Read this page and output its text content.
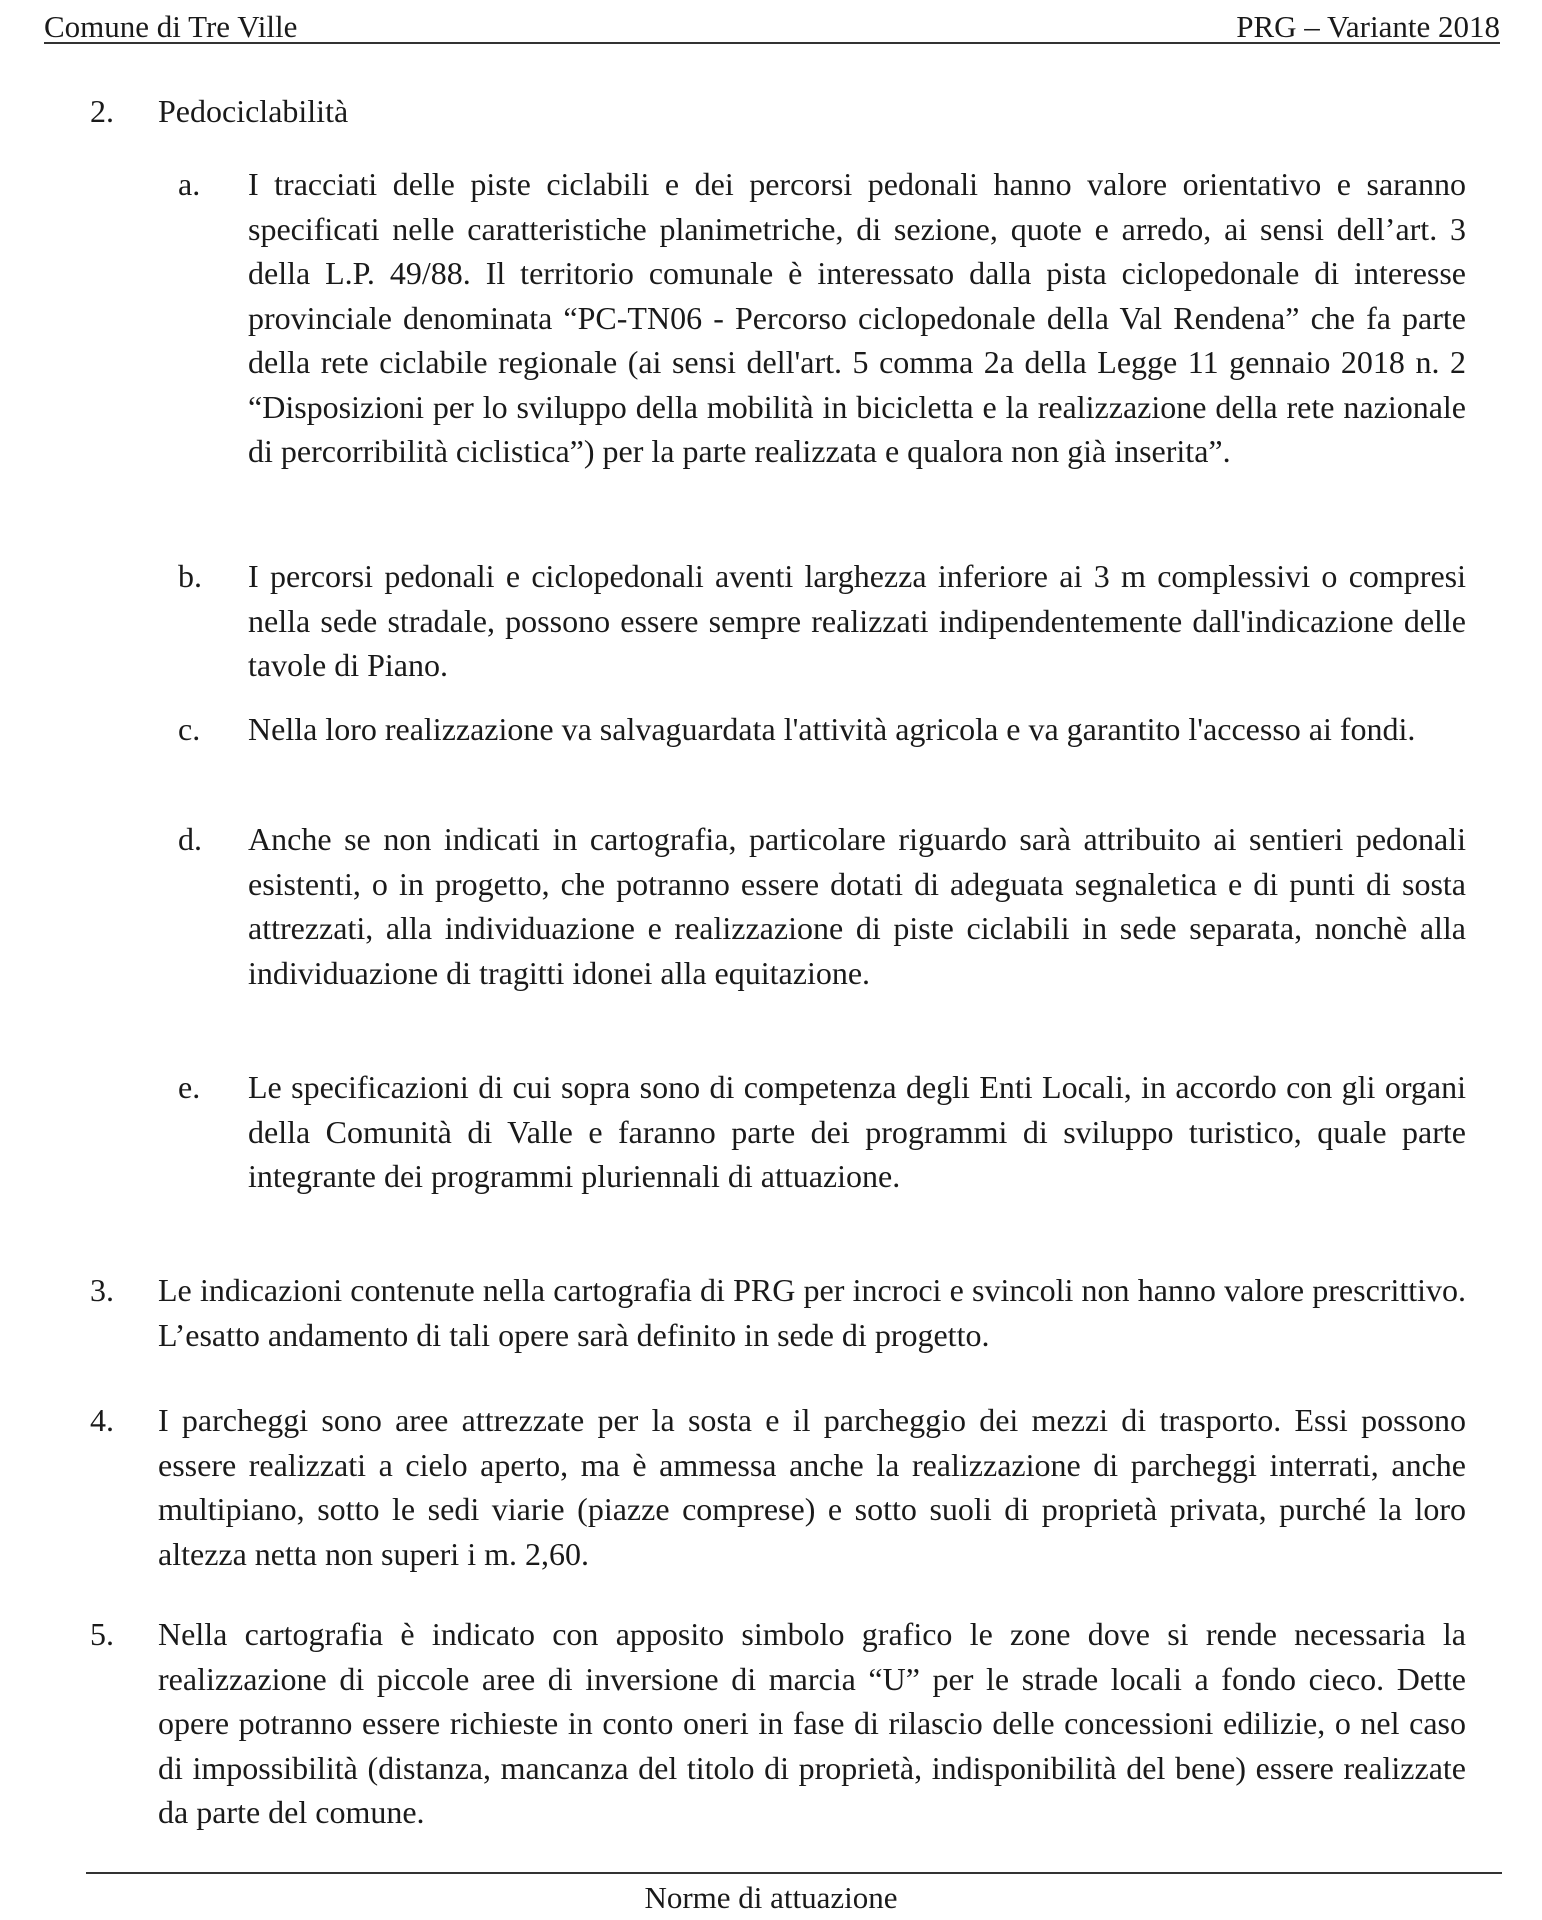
Comune di Tre Ville	PRG – Variante 2018
2. Pedociclabilità
a. I tracciati delle piste ciclabili e dei percorsi pedonali hanno valore orientativo e saranno specificati nelle caratteristiche planimetriche, di sezione, quote e arredo, ai sensi dell’art. 3 della L.P. 49/88. Il territorio comunale è interessato dalla pista ciclopedonale di interesse provinciale denominata “PC-TN06 - Percorso ciclopedonale della Val Rendena” che fa parte della rete ciclabile regionale (ai sensi dell'art. 5 comma 2a della Legge 11 gennaio 2018 n. 2 “Disposizioni per lo sviluppo della mobilità in bicicletta e la realizzazione della rete nazionale di percorribilità ciclistica”) per la parte realizzata e qualora non già inserita”.
b. I percorsi pedonali e ciclopedonali aventi larghezza inferiore ai 3 m complessivi o compresi nella sede stradale, possono essere sempre realizzati indipendentemente dall'indicazione delle tavole di Piano.
c. Nella loro realizzazione va salvaguardata l'attività agricola e va garantito l'accesso ai fondi.
d. Anche se non indicati in cartografia, particolare riguardo sarà attribuito ai sentieri pedonali esistenti, o in progetto, che potranno essere dotati di adeguata segnaletica e di punti di sosta attrezzati, alla individuazione e realizzazione di piste ciclabili in sede separata, nonchè alla individuazione di tragitti idonei alla equitazione.
e. Le specificazioni di cui sopra sono di competenza degli Enti Locali, in accordo con gli organi della Comunità di Valle e faranno parte dei programmi di sviluppo turistico, quale parte integrante dei programmi pluriennali di attuazione.
3. Le indicazioni contenute nella cartografia di PRG per incroci e svincoli non hanno valore prescrittivo. L’esatto andamento di tali opere sarà definito in sede di progetto.
4. I parcheggi sono aree attrezzate per la sosta e il parcheggio dei mezzi di trasporto. Essi possono essere realizzati a cielo aperto, ma è ammessa anche la realizzazione di parcheggi interrati, anche multipiano, sotto le sedi viarie (piazze comprese) e sotto suoli di proprietà privata, purché la loro altezza netta non superi i m. 2,60.
5. Nella cartografia è indicato con apposito simbolo grafico le zone dove si rende necessaria la realizzazione di piccole aree di inversione di marcia “U” per le strade locali a fondo cieco. Dette opere potranno essere richieste in conto oneri in fase di rilascio delle concessioni edilizie, o nel caso di impossibilità (distanza, mancanza del titolo di proprietà, indisponibilità del bene) essere realizzate da parte del comune.
Norme di attuazione
